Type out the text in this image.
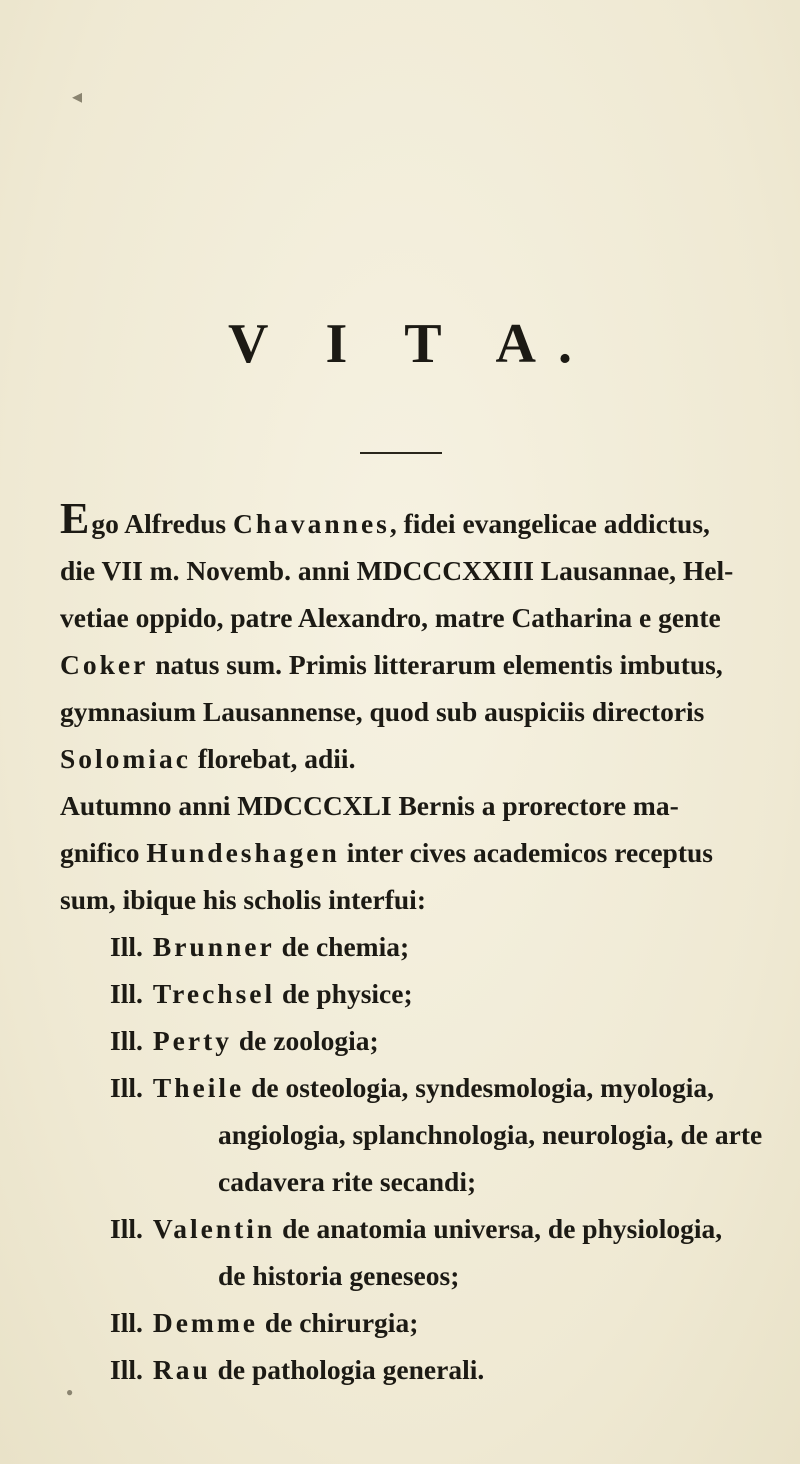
V I T A.
Ego Alfredus Chavannes, fidei evangelicae addictus,
die VII m. Novemb. anni MDCCCXXIII Lausannae, Hel-
vetiae oppido, patre Alexandro, matre Catharina e gente
Coker natus sum. Primis litterarum elementis imbutus,
gymnasium Lausannense, quod sub auspiciis directoris
Solomiac florebat, adii.
Autumno anni MDCCCXLI Bernis a prorectore ma-
gnifico Hundeshagen inter cives academicos receptus
sum, ibique his scholis interfui:
Ill. Brunner de chemia;
Ill. Trechsel de physice;
Ill. Perty de zoologia;
Ill. Theile de osteologia, syndesmologia, myologia,
angiologia, splanchnologia, neurologia, de arte
cadavera rite secandi;
Ill. Valentin de anatomia universa, de physiologia,
de historia geneseos;
Ill. Demme de chirurgia;
Ill. Rau de pathologia generali.
◂
●
